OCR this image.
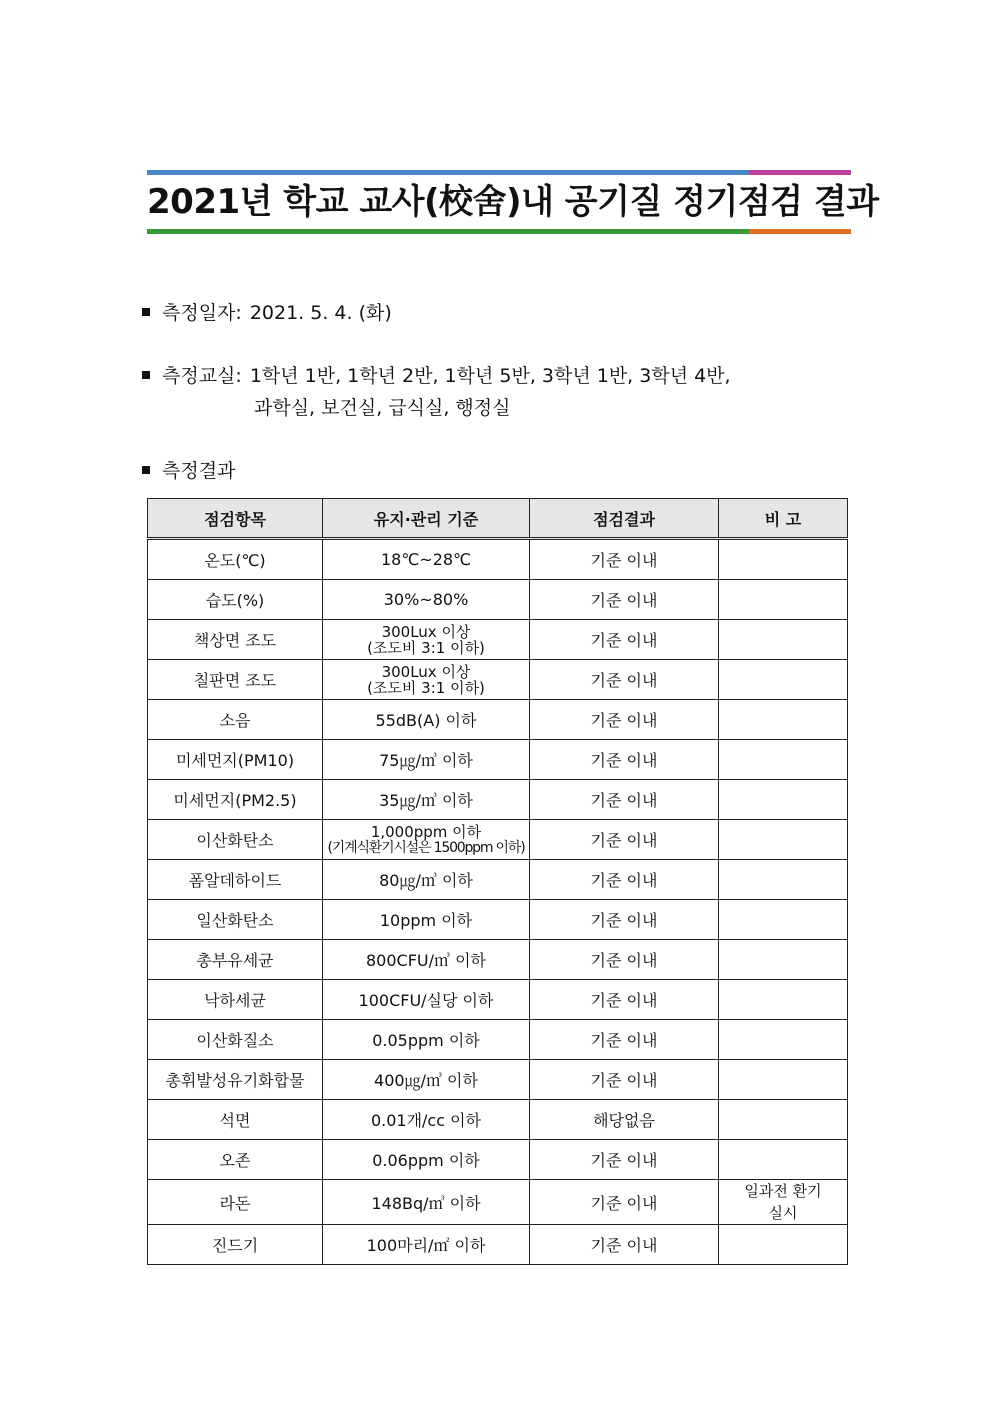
2021년 학교 교사(校舍)내 공기질 정기점검 결과
측정일자: 2021. 5. 4. (화)
측정교실: 1학년 1반, 1학년 2반, 1학년 5반, 3학년 1반, 3학년 4반,
과학실, 보건실, 급식실, 행정실
측정결과
점검항목	유지·관리 기준	점검결과	비 고
온도(℃)	18℃~28℃	기준 이내	
습도(%)	30%~80%	기준 이내	
책상면 조도	300Lux 이상
(조도비 3:1 이하)	기준 이내	
칠판면 조도	300Lux 이상
(조도비 3:1 이하)	기준 이내	
소음	55dB(A) 이하	기준 이내	
미세먼지(PM10)	75㎍/㎥ 이하	기준 이내	
미세먼지(PM2.5)	35㎍/㎥ 이하	기준 이내	
이산화탄소	1,000ppm 이하
(기계식환기시설은 1500ppm 이하)	기준 이내	
폼알데하이드	80㎍/㎥ 이하	기준 이내	
일산화탄소	10ppm 이하	기준 이내	
총부유세균	800CFU/㎥ 이하	기준 이내	
낙하세균	100CFU/실당 이하	기준 이내	
이산화질소	0.05ppm 이하	기준 이내	
총휘발성유기화합물	400㎍/㎥ 이하	기준 이내	
석면	0.01개/cc 이하	해당없음	
오존	0.06ppm 이하	기준 이내	
라돈	148Bq/㎥ 이하	기준 이내	일과전 환기
실시

진드기	100마리/㎡ 이하	기준 이내	
